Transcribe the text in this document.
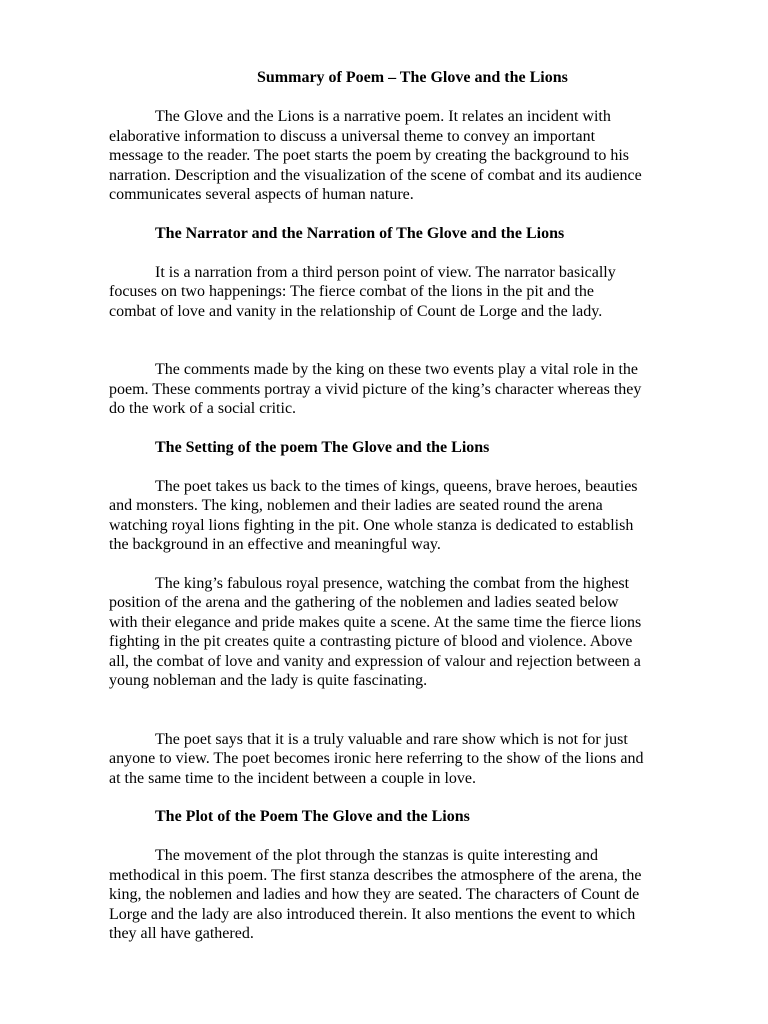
Summary of Poem – The Glove and the Lions
The Glove and the Lions is a narrative poem. It relates an incident with
elaborative information to discuss a universal theme to convey an important
message to the reader. The poet starts the poem by creating the background to his
narration. Description and the visualization of the scene of combat and its audience
communicates several aspects of human nature.
The Narrator and the Narration of The Glove and the Lions
It is a narration from a third person point of view. The narrator basically
focuses on two happenings: The fierce combat of the lions in the pit and the
combat of love and vanity in the relationship of Count de Lorge and the lady.
The comments made by the king on these two events play a vital role in the
poem. These comments portray a vivid picture of the king’s character whereas they
do the work of a social critic.
The Setting of the poem The Glove and the Lions
The poet takes us back to the times of kings, queens, brave heroes, beauties
and monsters. The king, noblemen and their ladies are seated round the arena
watching royal lions fighting in the pit. One whole stanza is dedicated to establish
the background in an effective and meaningful way.
The king’s fabulous royal presence, watching the combat from the highest
position of the arena and the gathering of the noblemen and ladies seated below
with their elegance and pride makes quite a scene. At the same time the fierce lions
fighting in the pit creates quite a contrasting picture of blood and violence. Above
all, the combat of love and vanity and expression of valour and rejection between a
young nobleman and the lady is quite fascinating.
The poet says that it is a truly valuable and rare show which is not for just
anyone to view. The poet becomes ironic here referring to the show of the lions and
at the same time to the incident between a couple in love.
The Plot of the Poem The Glove and the Lions
The movement of the plot through the stanzas is quite interesting and
methodical in this poem. The first stanza describes the atmosphere of the arena, the
king, the noblemen and ladies and how they are seated. The characters of Count de
Lorge and the lady are also introduced therein. It also mentions the event to which
they all have gathered.
